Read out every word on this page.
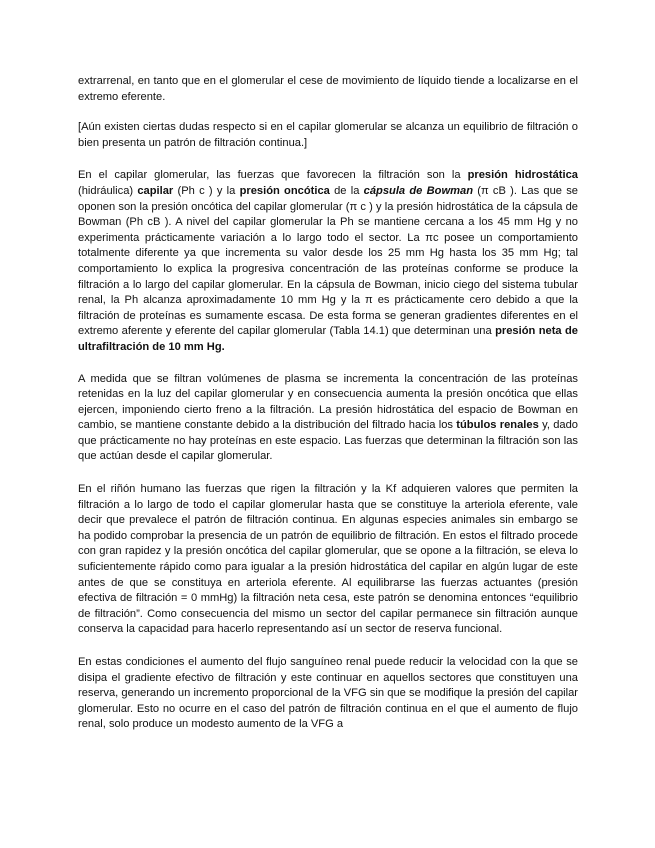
extrarrenal, en tanto que en el glomerular el cese de movimiento de líquido tiende a localizarse en el extremo eferente.

[Aún existen ciertas dudas respecto si en el capilar glomerular se alcanza un equilibrio de filtración o bien presenta un patrón de filtración continua.]

En el capilar glomerular, las fuerzas que favorecen la filtración son la presión hidrostática (hidráulica) capilar (Ph c ) y la presión oncótica de la cápsula de Bowman (π cB ). Las que se oponen son la presión oncótica del capilar glomerular (π c ) y la presión hidrostática de la cápsula de Bowman (Ph cB ). A nivel del capilar glomerular la Ph se mantiene cercana a los 45 mm Hg y no experimenta prácticamente variación a lo largo todo el sector. La πc posee un comportamiento totalmente diferente ya que incrementa su valor desde los 25 mm Hg hasta los 35 mm Hg; tal comportamiento lo explica la progresiva concentración de las proteínas conforme se produce la filtración a lo largo del capilar glomerular. En la cápsula de Bowman, inicio ciego del sistema tubular renal, la Ph alcanza aproximadamente 10 mm Hg y la π es prácticamente cero debido a que la filtración de proteínas es sumamente escasa. De esta forma se generan gradientes diferentes en el extremo aferente y eferente del capilar glomerular (Tabla 14.1) que determinan una presión neta de ultrafiltración de 10 mm Hg.

A medida que se filtran volúmenes de plasma se incrementa la concentración de las proteínas retenidas en la luz del capilar glomerular y en consecuencia aumenta la presión oncótica que ellas ejercen, imponiendo cierto freno a la filtración. La presión hidrostática del espacio de Bowman en cambio, se mantiene constante debido a la distribución del filtrado hacia los túbulos renales y, dado que prácticamente no hay proteínas en este espacio. Las fuerzas que determinan la filtración son las que actúan desde el capilar glomerular.

En el riñón humano las fuerzas que rigen la filtración y la Kf adquieren valores que permiten la filtración a lo largo de todo el capilar glomerular hasta que se constituye la arteriola eferente, vale decir que prevalece el patrón de filtración continua. En algunas especies animales sin embargo se ha podido comprobar la presencia de un patrón de equilibrio de filtración. En estos el filtrado procede con gran rapidez y la presión oncótica del capilar glomerular, que se opone a la filtración, se eleva lo suficientemente rápido como para igualar a la presión hidrostática del capilar en algún lugar de este antes de que se constituya en arteriola eferente. Al equilibrarse las fuerzas actuantes (presión efectiva de filtración = 0 mmHg) la filtración neta cesa, este patrón se denomina entonces “equilibrio de filtración”. Como consecuencia del mismo un sector del capilar permanece sin filtración aunque conserva la capacidad para hacerlo representando así un sector de reserva funcional.

En estas condiciones el aumento del flujo sanguíneo renal puede reducir la velocidad con la que se disipa el gradiente efectivo de filtración y este continuar en aquellos sectores que constituyen una reserva, generando un incremento proporcional de la VFG sin que se modifique la presión del capilar glomerular. Esto no ocurre en el caso del patrón de filtración continua en el que el aumento de flujo renal, solo produce un modesto aumento de la VFG a
